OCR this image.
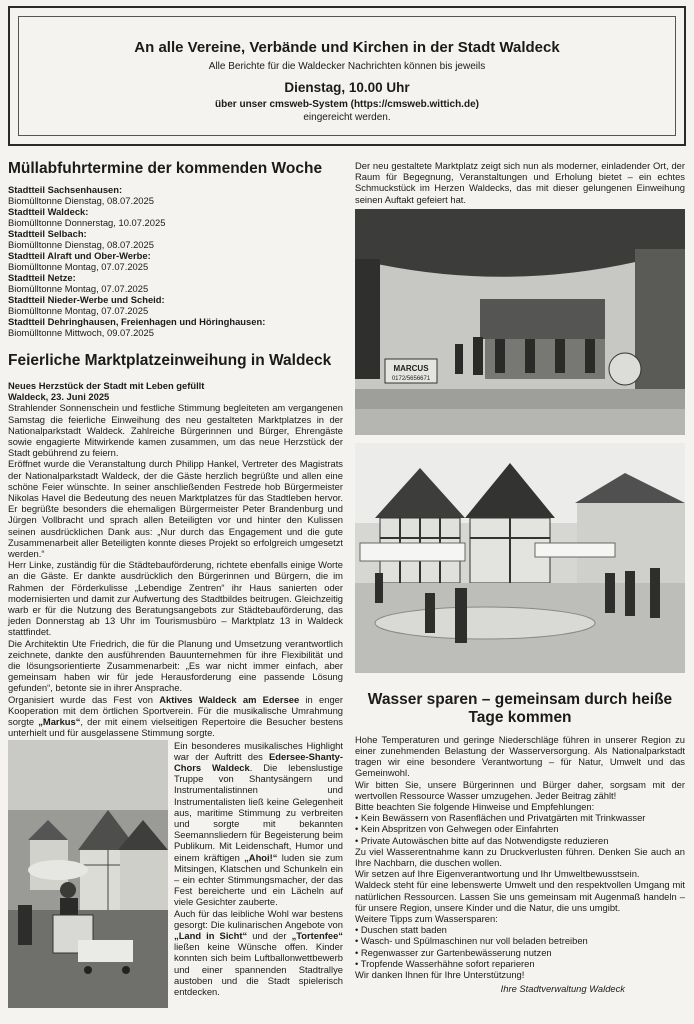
An alle Vereine, Verbände und Kirchen in der Stadt Waldeck
Alle Berichte für die Waldecker Nachrichten können bis jeweils
Dienstag, 10.00 Uhr
über unser cmsweb-System (https://cmsweb.wittich.de)
eingereicht werden.
Müllabfuhrtermine der kommenden Woche
Stadtteil Sachsenhausen:
Biomülltonne Dienstag, 08.07.2025
Stadtteil Waldeck:
Biomülltonne Donnerstag, 10.07.2025
Stadtteil Selbach:
Biomülltonne Dienstag, 08.07.2025
Stadtteil Alraft und Ober-Werbe:
Biomülltonne Montag, 07.07.2025
Stadtteil Netze:
Biomülltonne Montag, 07.07.2025
Stadtteil Nieder-Werbe und Scheid:
Biomülltonne Montag, 07.07.2025
Stadtteil Dehringhausen, Freienhagen und Höringhausen:
Biomülltonne Mittwoch, 09.07.2025
Feierliche Marktplatzeinweihung in Waldeck
Neues Herzstück der Stadt mit Leben gefüllt
Waldeck, 23. Juni 2025

Strahlender Sonnenschein und festliche Stimmung begleiteten am vergangenen Samstag die feierliche Einweihung des neu gestalteten Marktplatzes in der Nationalparkstadt Waldeck. Zahlreiche Bürgerinnen und Bürger, Ehrengäste sowie engagierte Mitwirkende kamen zusammen, um das neue Herzstück der Stadt gebührend zu feiern.

Eröffnet wurde die Veranstaltung durch Philipp Hankel, Vertreter des Magistrats der Nationalparkstadt Waldeck, der die Gäste herzlich begrüßte und allen eine schöne Feier wünschte. In seiner anschließenden Festrede hob Bürgermeister Nikolas Havel die Bedeutung des neuen Marktplatzes für das Stadtleben hervor. Er begrüßte besonders die ehemaligen Bürgermeister Peter Brandenburg und Jürgen Vollbracht und sprach allen Beteiligten vor und hinter den Kulissen seinen ausdrücklichen Dank aus: „Nur durch das Engagement und die gute Zusammenarbeit aller Beteiligten konnte dieses Projekt so erfolgreich umgesetzt werden.“

Herr Linke, zuständig für die Städtebauförderung, richtete ebenfalls einige Worte an die Gäste. Er dankte ausdrücklich den Bürgerinnen und Bürgern, die im Rahmen der Förderkulisse „Lebendige Zentren“ ihr Haus sanierten oder modernisierten und damit zur Aufwertung des Stadtbildes beitrugen. Gleichzeitig warb er für die Nutzung des Beratungsangebots zur Städtebauförderung, das jeden Donnerstag ab 13 Uhr im Tourismusbüro – Marktplatz 13 in Waldeck stattfindet.

Die Architektin Ute Friedrich, die für die Planung und Umsetzung verantwortlich zeichnete, dankte den ausführenden Bauunternehmen für ihre Flexibilität und die lösungsorientierte Zusammenarbeit: „Es war nicht immer einfach, aber gemeinsam haben wir für jede Herausforderung eine passende Lösung gefunden“, betonte sie in ihrer Ansprache.

Organisiert wurde das Fest von Aktives Waldeck am Edersee in enger Kooperation mit dem örtlichen Sportverein. Für die musikalische Umrahmung sorgte „Markus“, der mit einem vielseitigen Repertoire die Besucher bestens unterhielt und für ausgelassene Stimmung sorgte.

Ein besonderes musikalisches Highlight war der Auftritt des Edersee-Shanty-Chors Waldeck. Die lebenslustige Truppe von Shantysängern und Instrumentalistinnen und Instrumentalisten ließ keine Gelegenheit aus, maritime Stimmung zu verbreiten und sorgte mit bekannten Seemannsliedern für Begeisterung beim Publikum. Mit Leidenschaft, Humor und einem kräftigen „Ahoi!“ luden sie zum Mitsingen, Klatschen und Schunkeln ein – ein echter Stimmungsmacher, der das Fest bereicherte und ein Lächeln auf viele Gesichter zauberte.

Auch für das leibliche Wohl war bestens gesorgt: Die kulinarischen Angebote von „Land in Sicht“ und der „Tortenfee“ ließen keine Wünsche offen. Kinder konnten sich beim Luftballonwettbewerb und einer spannenden Stadtrallye austoben und die Stadt spielerisch entdecken.

Der neu gestaltete Marktplatz zeigt sich nun als moderner, einladender Ort, der Raum für Begegnung, Veranstaltungen und Erholung bietet – ein echtes Schmuckstück im Herzen Waldecks, das mit dieser gelungenen Einweihung seinen Auftakt gefeiert hat.

MARCUS
0172/5656671
Wasser sparen – gemeinsam durch heiße Tage kommen

Hohe Temperaturen und geringe Niederschläge führen in unserer Region zu einer zunehmenden Belastung der Wasserversorgung. Als Nationalparkstadt tragen wir eine besondere Verantwortung – für Natur, Umwelt und das Gemeinwohl.

Wir bitten Sie, unsere Bürgerinnen und Bürger daher, sorgsam mit der wertvollen Ressource Wasser umzugehen. Jeder Beitrag zählt!

Bitte beachten Sie folgende Hinweise und Empfehlungen:

• Kein Bewässern von Rasenflächen und Privatgärten mit Trinkwasser
• Kein Abspritzen von Gehwegen oder Einfahrten
• Private Autowäschen bitte auf das Notwendigste reduzieren

Zu viel Wasserentnahme kann zu Druckverlusten führen. Denken Sie auch an Ihre Nachbarn, die duschen wollen.

Wir setzen auf Ihre Eigenverantwortung und Ihr Umweltbewusstsein.

Waldeck steht für eine lebenswerte Umwelt und den respektvollen Umgang mit natürlichen Ressourcen. Lassen Sie uns gemeinsam mit Augenmaß handeln – für unsere Region, unsere Kinder und die Natur, die uns umgibt.

Weitere Tipps zum Wassersparen:

• Duschen statt baden
• Wasch- und Spülmaschinen nur voll beladen betreiben
• Regenwasser zur Gartenbewässerung nutzen
• Tropfende Wasserhähne sofort reparieren

Wir danken Ihnen für Ihre Unterstützung!

Ihre Stadtverwaltung Waldeck
